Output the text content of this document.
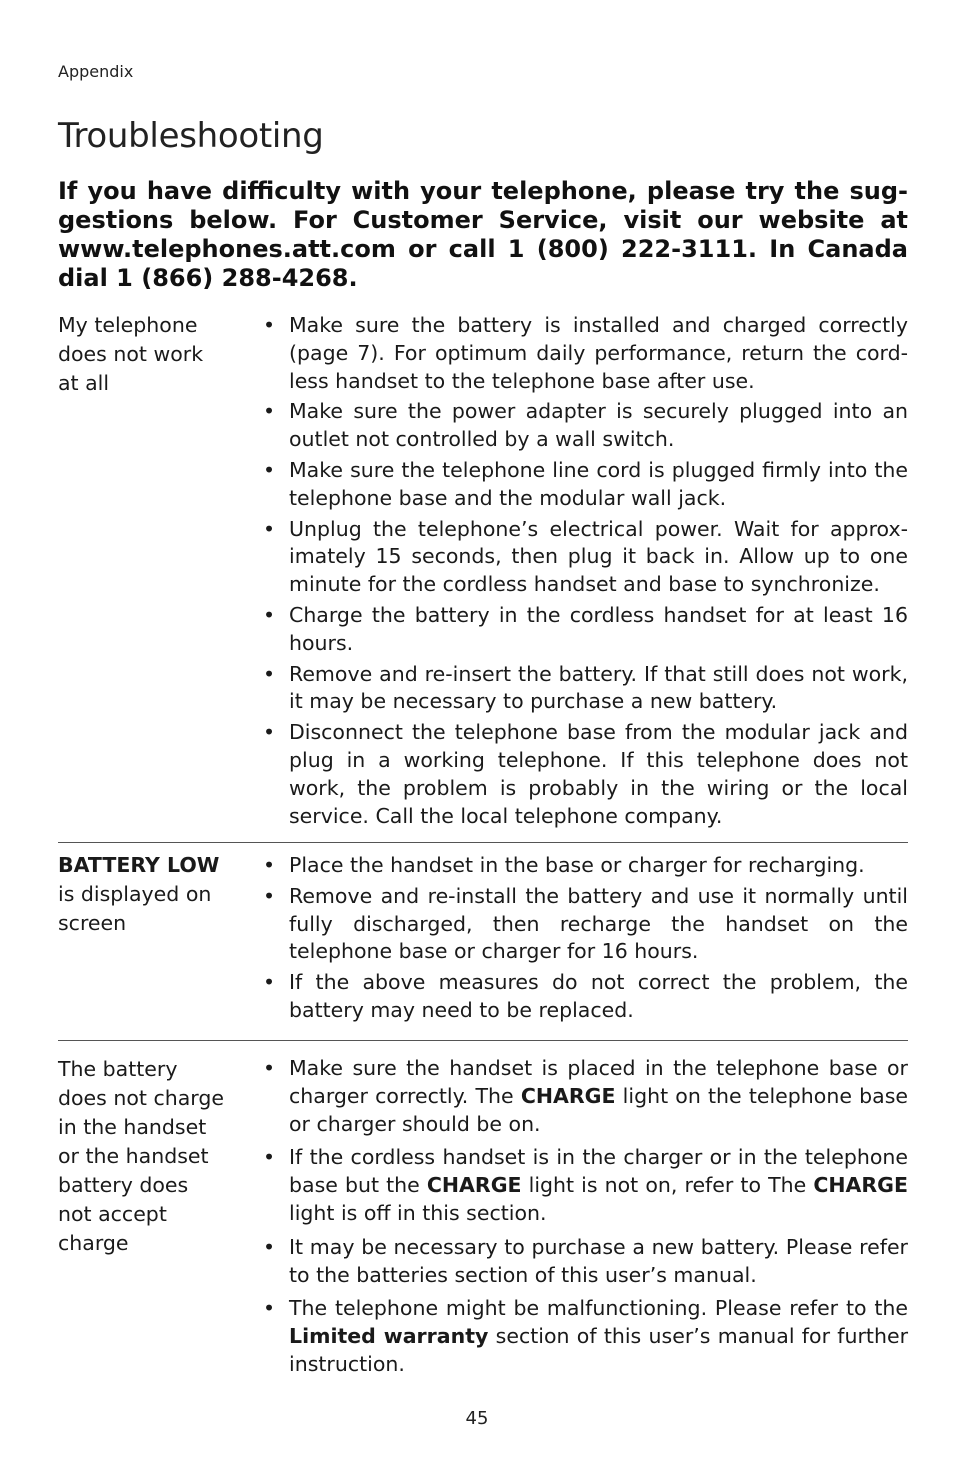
Appendix
Troubleshooting

If you have difficulty with your telephone, please try the sug-gestions below. For Customer Service, visit our website at www.telephones.att.com or call 1 (800) 222-3111. In Canada dial 1 (866) 288-4268.

My telephone does not work at all
• Make sure the battery is installed and charged correctly (page 7). For optimum daily performance, return the cord-less handset to the telephone base after use.
• Make sure the power adapter is securely plugged into an outlet not controlled by a wall switch.
• Make sure the telephone line cord is plugged firmly into the telephone base and the modular wall jack.
• Unplug the telephone’s electrical power. Wait for approx-imately 15 seconds, then plug it back in. Allow up to one minute for the cordless handset and base to synchronize.
• Charge the battery in the cordless handset for at least 16 hours.
• Remove and re-insert the battery. If that still does not work, it may be necessary to purchase a new battery.
• Disconnect the telephone base from the modular jack and plug in a working telephone. If this telephone does not work, the problem is probably in the wiring or the local service. Call the local telephone company.
BATTERY LOW is displayed on screen
• Place the handset in the base or charger for recharging.
• Remove and re-install the battery and use it normally until fully discharged, then recharge the handset on the telephone base or charger for 16 hours.
• If the above measures do not correct the problem, the battery may need to be replaced.
The battery does not charge in the handset or the handset battery does not accept charge
• Make sure the handset is placed in the telephone base or charger correctly. The CHARGE light on the telephone base or charger should be on.
• If the cordless handset is in the charger or in the telephone base but the CHARGE light is not on, refer to The CHARGE light is off in this section.
• It may be necessary to purchase a new battery. Please refer to the batteries section of this user’s manual.
• The telephone might be malfunctioning. Please refer to the Limited warranty section of this user’s manual for further instruction.
45
